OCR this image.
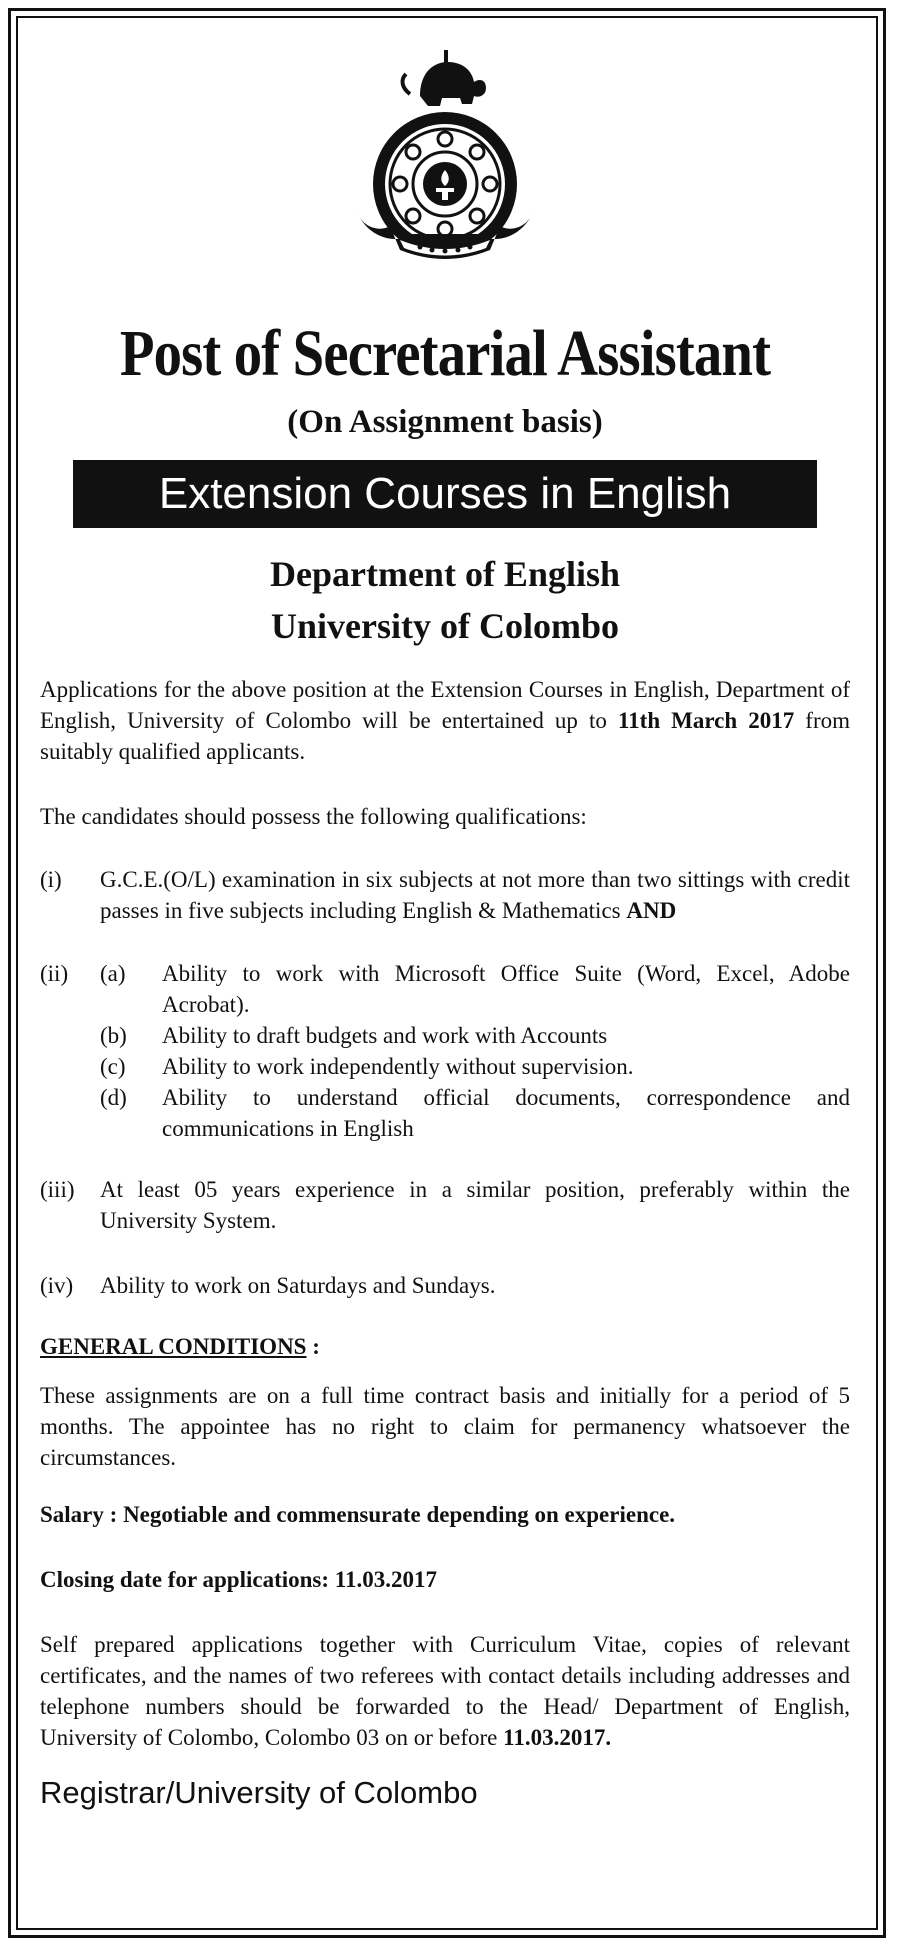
Post of Secretarial Assistant
(On Assignment basis)
Extension Courses in English
Department of English
University of Colombo

Applications for the above position at the Extension Courses in English, Department of English, University of Colombo will be entertained up to 11th March 2017 from suitably qualified applicants.

The candidates should possess the following qualifications:

(i)	G.C.E.(O/L) examination in six subjects at not more than two sittings with credit passes in five subjects including English & Mathematics AND
(ii)	(a)	Ability to work with Microsoft Office Suite (Word, Excel, Adobe Acrobat).
(b)	Ability to draft budgets and work with Accounts
(c)	Ability to work independently without supervision.
(d)	Ability to understand official documents, correspondence and communications in English
(iii)	At least 05 years experience in a similar position, preferably within the University System.
(iv)	Ability to work on Saturdays and Sundays.
GENERAL CONDITIONS :

These assignments are on a full time contract basis and initially for a period of 5 months. The appointee has no right to claim for permanency whatsoever the circumstances.

Salary : Negotiable and commensurate depending on experience.

Closing date for applications: 11.03.2017

Self prepared applications together with Curriculum Vitae, copies of relevant certificates, and the names of two referees with contact details including addresses and telephone numbers should be forwarded to the Head/ Department of English, University of Colombo, Colombo 03 on or before 11.03.2017.

Registrar/University of Colombo
